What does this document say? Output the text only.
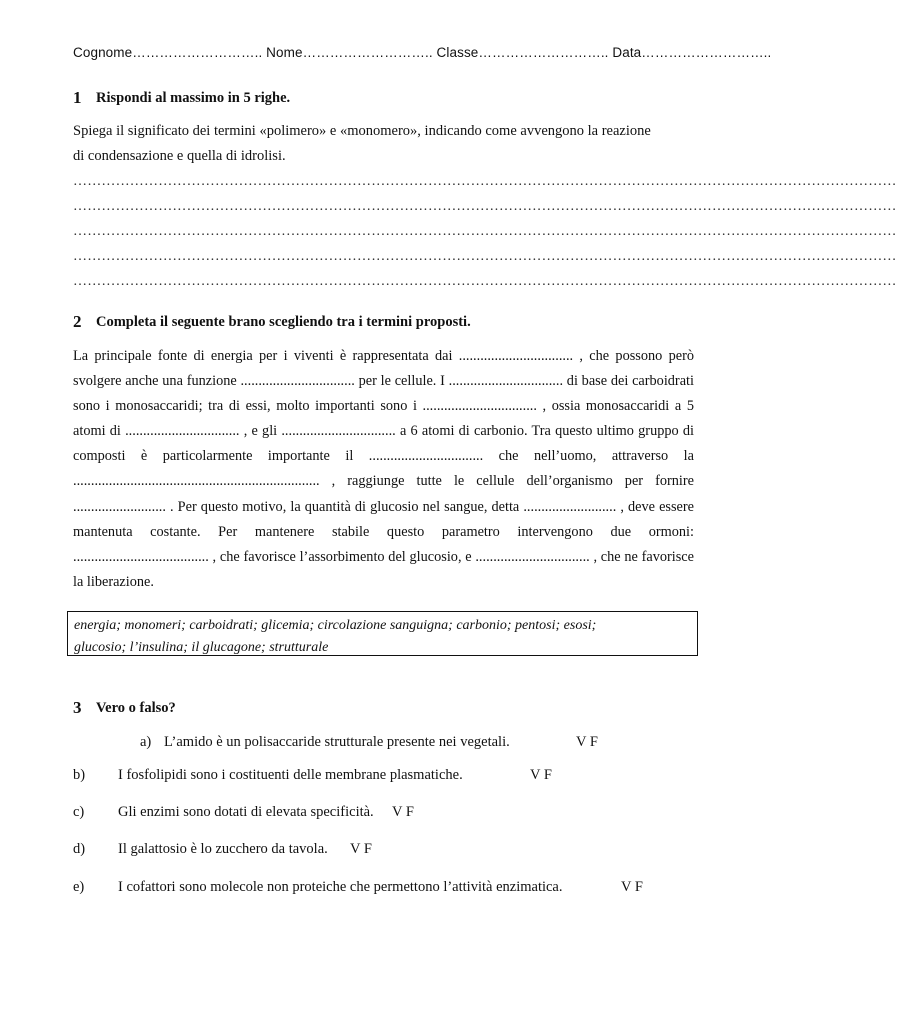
Cognome……………………….. Nome……………………….. Classe……………………….. Data………………………..
1 Rispondi al massimo in 5 righe.
Spiega il significato dei termini «polimero» e «monomero», indicando come avvengono la reazione
di condensazione e quella di idrolisi.
…………………………………………………………………………………………………………………………………………………………
…………………………………………………………………………………………………………………………………………………………
…………………………………………………………………………………………………………………………………………………………
…………………………………………………………………………………………………………………………………………………………
…………………………………………………………………………………………………………………………………………………………
2 Completa il seguente brano scegliendo tra i termini proposti.
La principale fonte di energia per i viventi è rappresentata dai ................................ , che possono però svolgere anche una funzione ................................ per le cellule. I ................................ di base dei carboidrati sono i monosaccaridi; tra di essi, molto importanti sono i ................................ , ossia monosaccaridi a 5 atomi di ................................ , e gli ................................ a 6 atomi di carbonio. Tra questo ultimo gruppo di composti è particolarmente importante il ................................ che nell’uomo, attraverso la ..................................................................... , raggiunge tutte le cellule dell’organismo per fornire .......................... . Per questo motivo, la quantità di glucosio nel sangue, detta .......................... , deve essere mantenuta costante. Per mantenere stabile questo parametro intervengono due ormoni: ...................................... , che favorisce l’assorbimento del glucosio, e ................................ , che ne favorisce la liberazione.
energia; monomeri; carboidrati; glicemia; circolazione sanguigna; carbonio; pentosi; esosi;
glucosio; l’insulina; il glucagone; strutturale
3 Vero o falso?
a) L’amido è un polisaccaride strutturale presente nei vegetali.	V F
b) I fosfolipidi sono i costituenti delle membrane plasmatiche.	V F
c) Gli enzimi sono dotati di elevata specificità. V F
d) Il galattosio è lo zucchero da tavola. V F
e) I cofattori sono molecole non proteiche che permettono l’attività enzimatica.	V F
